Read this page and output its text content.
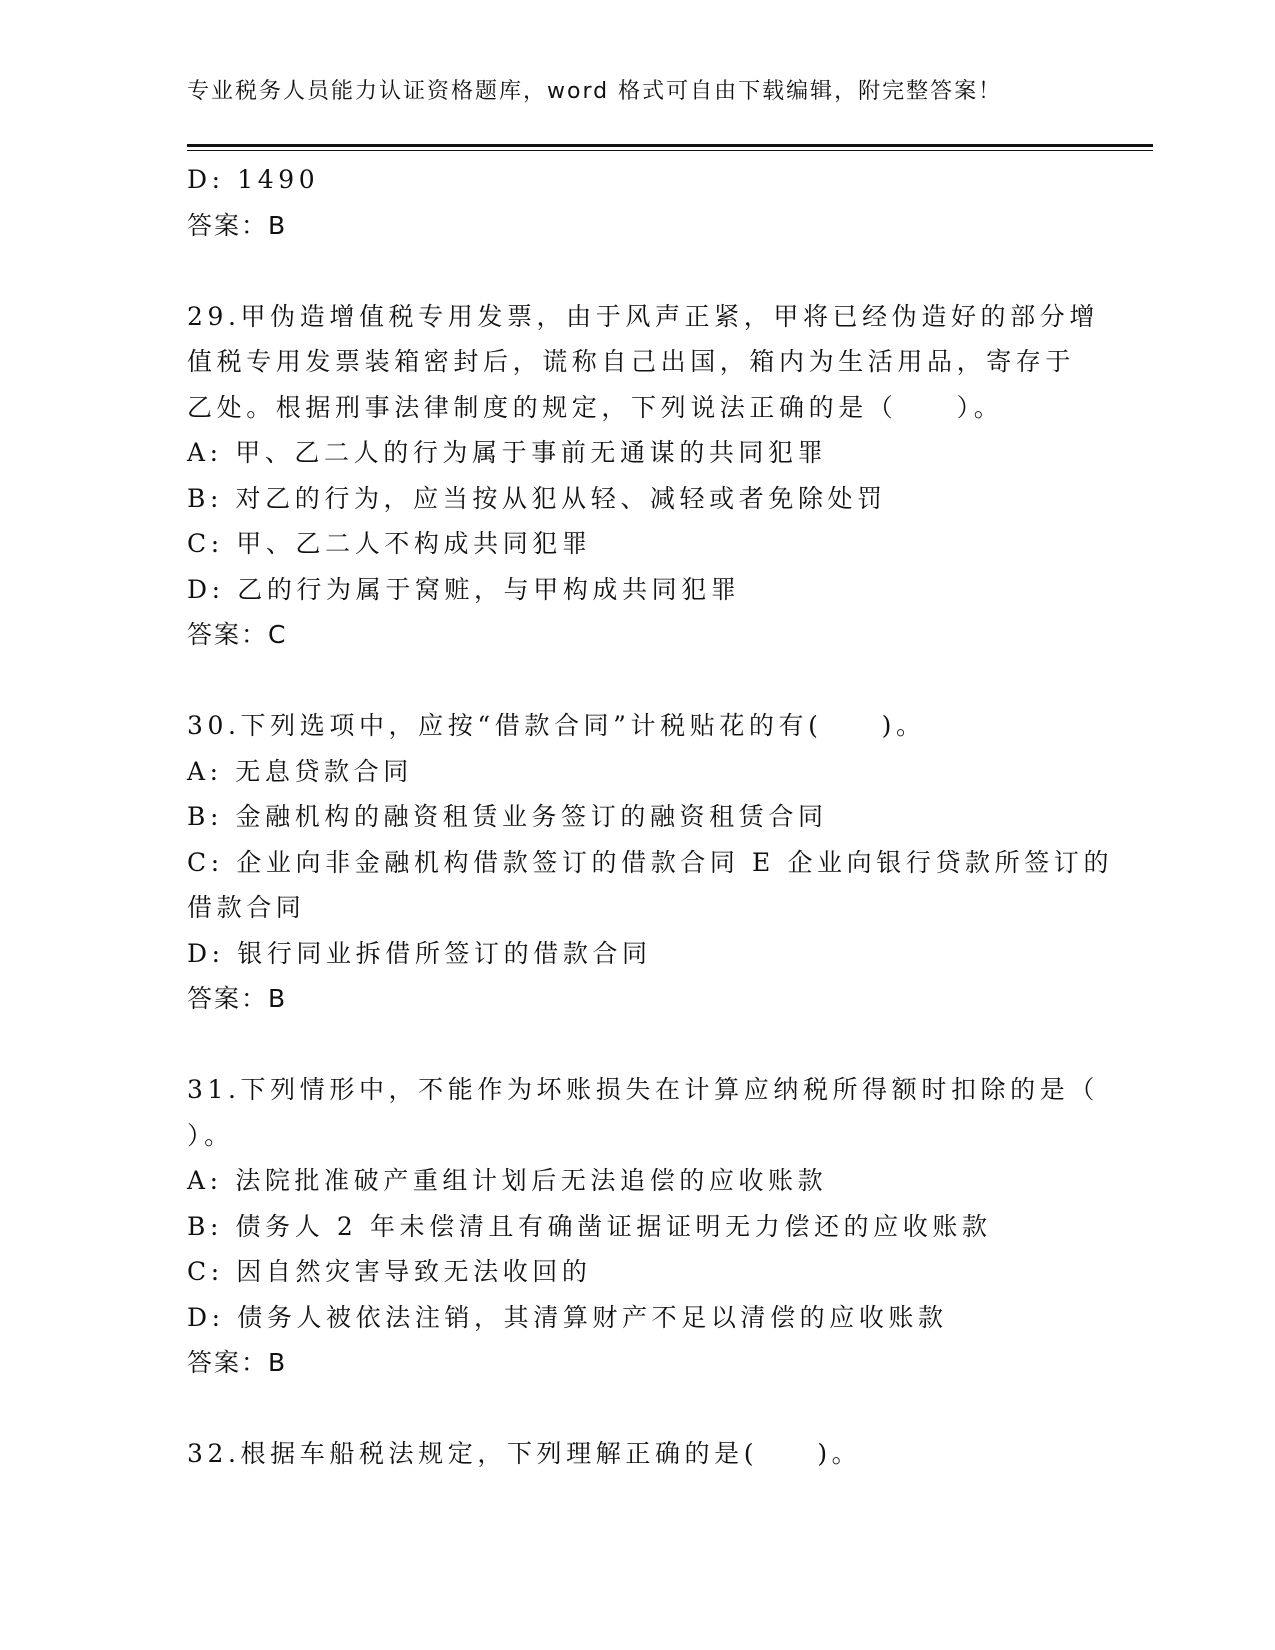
专业税务人员能力认证资格题库，word 格式可自由下载编辑，附完整答案！
D: 1490
答案：B
29.甲伪造增值税专用发票，由于风声正紧，甲将已经伪造好的部分增
值税专用发票装箱密封后，谎称自己出国，箱内为生活用品，寄存于
乙处。根据刑事法律制度的规定，下列说法正确的是（　　）。
A: 甲、乙二人的行为属于事前无通谋的共同犯罪
B: 对乙的行为，应当按从犯从轻、减轻或者免除处罚
C: 甲、乙二人不构成共同犯罪
D: 乙的行为属于窝赃，与甲构成共同犯罪
答案：C
30.下列选项中，应按“借款合同”计税贴花的有(　　)。
A: 无息贷款合同
B: 金融机构的融资租赁业务签订的融资租赁合同
C: 企业向非金融机构借款签订的借款合同 E 企业向银行贷款所签订的
借款合同
D: 银行同业拆借所签订的借款合同
答案：B
31.下列情形中，不能作为坏账损失在计算应纳税所得额时扣除的是（
）。
A: 法院批准破产重组计划后无法追偿的应收账款
B: 债务人 2 年未偿清且有确凿证据证明无力偿还的应收账款
C: 因自然灾害导致无法收回的
D: 债务人被依法注销，其清算财产不足以清偿的应收账款
答案：B
32.根据车船税法规定，下列理解正确的是(　　)。
